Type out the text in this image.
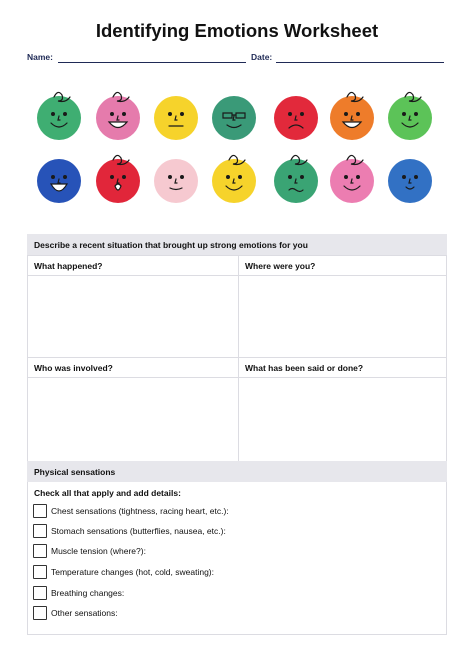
Identifying Emotions Worksheet
Name:	Date:
Describe a recent situation that brought up strong emotions for you
What happened?	Where were you?
Who was involved?	What has been said or done?
Physical sensations
Check all that apply and add details:
Chest sensations (tightness, racing heart, etc.):
Stomach sensations (butterflies, nausea, etc.):
Muscle tension (where?):
Temperature changes (hot, cold, sweating):
Breathing changes:
Other sensations:
